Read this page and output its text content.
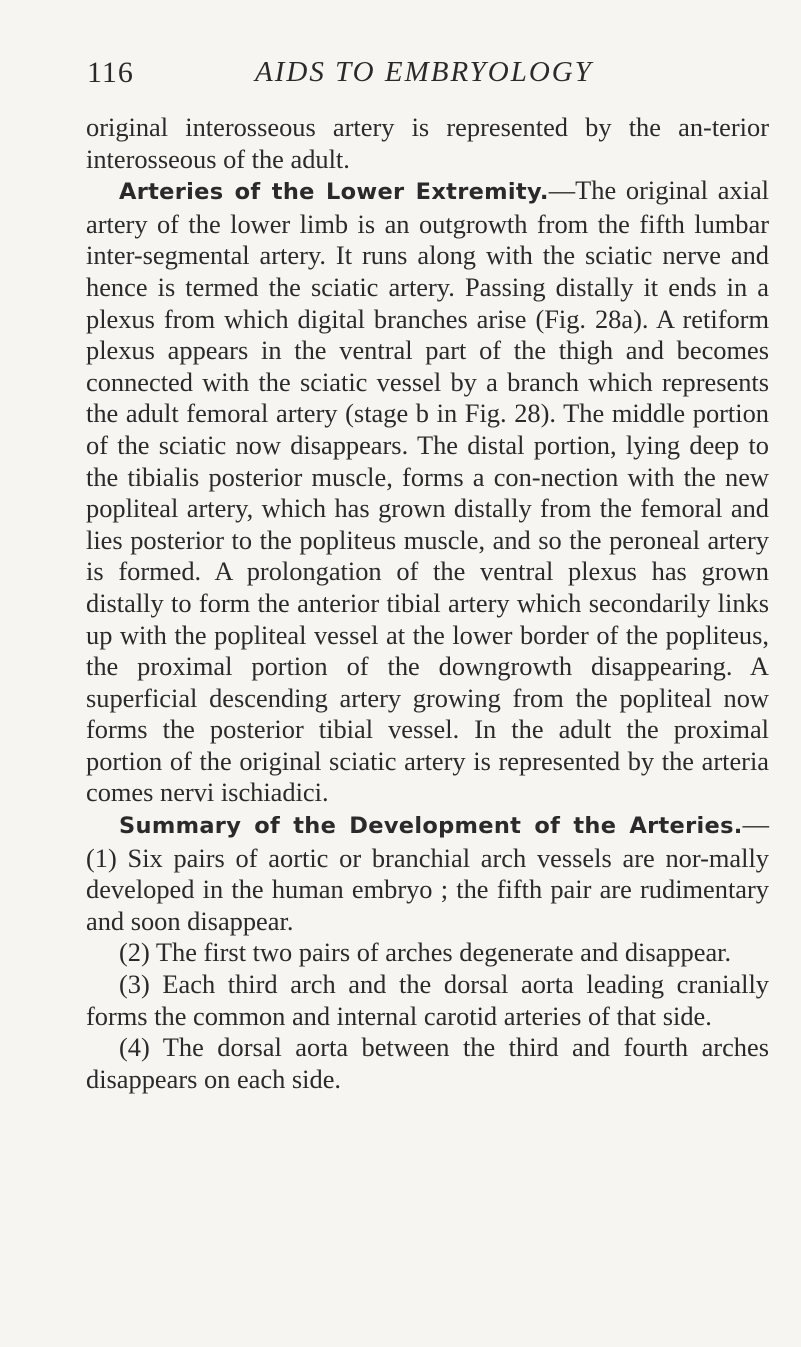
116	AIDS TO EMBRYOLOGY

original interosseous artery is represented by the an-terior interosseous of the adult.

Arteries of the Lower Extremity.—The original axial artery of the lower limb is an outgrowth from the fifth lumbar inter-segmental artery. It runs along with the sciatic nerve and hence is termed the sciatic artery. Passing distally it ends in a plexus from which digital branches arise (Fig. 28a). A retiform plexus appears in the ventral part of the thigh and becomes connected with the sciatic vessel by a branch which represents the adult femoral artery (stage b in Fig. 28). The middle portion of the sciatic now disappears. The distal portion, lying deep to the tibialis posterior muscle, forms a con-nection with the new popliteal artery, which has grown distally from the femoral and lies posterior to the popliteus muscle, and so the peroneal artery is formed. A prolongation of the ventral plexus has grown distally to form the anterior tibial artery which secondarily links up with the popliteal vessel at the lower border of the popliteus, the proximal portion of the downgrowth disappearing. A superficial descending artery growing from the popliteal now forms the posterior tibial vessel. In the adult the proximal portion of the original sciatic artery is represented by the arteria comes nervi ischiadici.

Summary of the Development of the Arteries.—(1) Six pairs of aortic or branchial arch vessels are nor-mally developed in the human embryo ; the fifth pair are rudimentary and soon disappear.

(2) The first two pairs of arches degenerate and disappear.

(3) Each third arch and the dorsal aorta leading cranially forms the common and internal carotid arteries of that side.

(4) The dorsal aorta between the third and fourth arches disappears on each side.
